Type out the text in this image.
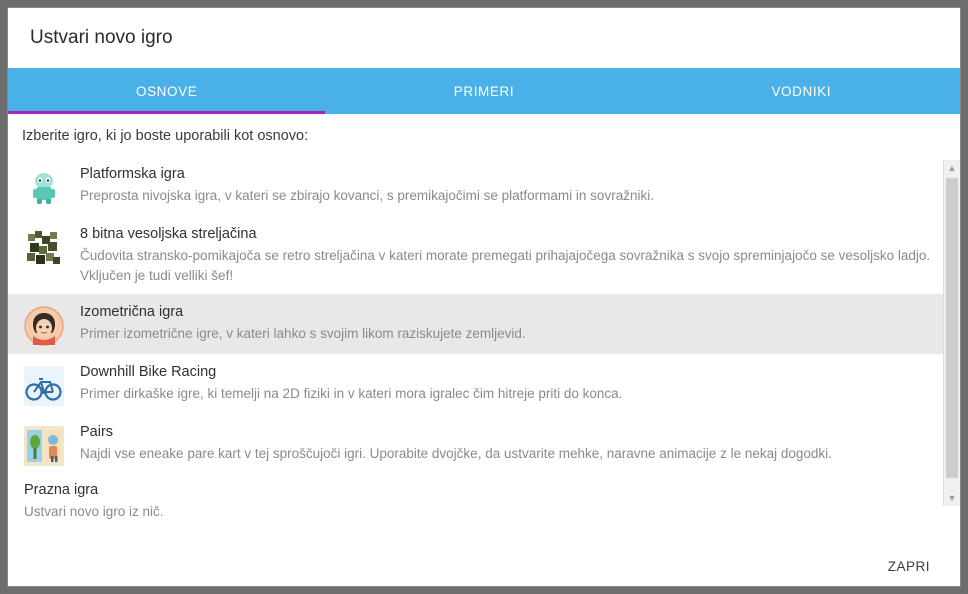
Ustvari novo igro
OSNOVE	PRIMERI	VODNIKI
Izberite igro, ki jo boste uporabili kot osnovo:
Platformska igra
Preprosta nivojska igra, v kateri se zbirajo kovanci, s premikajočimi se platformami in sovražniki.
8 bitna vesoljska streljačina
Čudovita stransko-pomikajoča se retro streljačina v kateri morate premegati prihajajočega sovražnika s svojo spreminjajočo se vesoljsko ladjo. Vključen je tudi velliki šef!
Izometrična igra
Primer izometrične igre, v kateri lahko s svojim likom raziskujete zemljevid.
Downhill Bike Racing
Primer dirkaške igre, ki temelji na 2D fiziki in v kateri mora igralec čim hitreje priti do konca.
Pairs
Najdi vse eneake pare kart v tej sproščujoči igri. Uporabite dvojčke, da ustvarite mehke, naravne animacije z le nekaj dogodki.
Prazna igra
Ustvari novo igro iz nič.
▲
▼
ZAPRI
